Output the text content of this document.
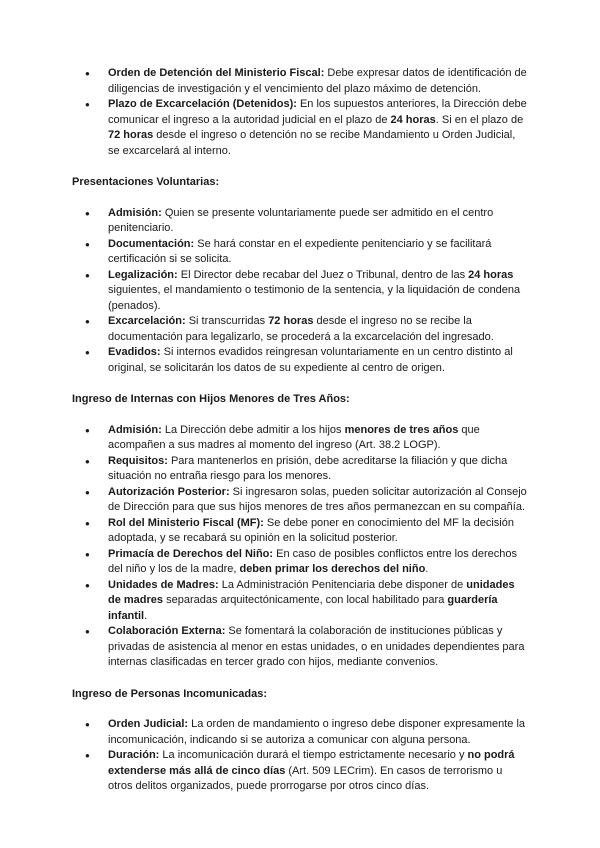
● Orden de Detención del Ministerio Fiscal: Debe expresar datos de identificación de diligencias de investigación y el vencimiento del plazo máximo de detención.
● Plazo de Excarcelación (Detenidos): En los supuestos anteriores, la Dirección debe comunicar el ingreso a la autoridad judicial en el plazo de 24 horas. Si en el plazo de 72 horas desde el ingreso o detención no se recibe Mandamiento u Orden Judicial, se excarcelará al interno.

Presentaciones Voluntarias:

● Admisión: Quien se presente voluntariamente puede ser admitido en el centro penitenciario.
● Documentación: Se hará constar en el expediente penitenciario y se facilitará certificación si se solicita.
● Legalización: El Director debe recabar del Juez o Tribunal, dentro de las 24 horas siguientes, el mandamiento o testimonio de la sentencia, y la liquidación de condena (penados).
● Excarcelación: Si transcurridas 72 horas desde el ingreso no se recibe la documentación para legalizarlo, se procederá a la excarcelación del ingresado.
● Evadidos: Si internos evadidos reingresan voluntariamente en un centro distinto al original, se solicitarán los datos de su expediente al centro de origen.

Ingreso de Internas con Hijos Menores de Tres Años:

● Admisión: La Dirección debe admitir a los hijos menores de tres años que acompañen a sus madres al momento del ingreso (Art. 38.2 LOGP).
● Requisitos: Para mantenerlos en prisión, debe acreditarse la filiación y que dicha situación no entraña riesgo para los menores.
● Autorización Posterior: Si ingresaron solas, pueden solicitar autorización al Consejo de Dirección para que sus hijos menores de tres años permanezcan en su compañía.
● Rol del Ministerio Fiscal (MF): Se debe poner en conocimiento del MF la decisión adoptada, y se recabará su opinión en la solicitud posterior.
● Primacía de Derechos del Niño: En caso de posibles conflictos entre los derechos del niño y los de la madre, deben primar los derechos del niño.
● Unidades de Madres: La Administración Penitenciaria debe disponer de unidades de madres separadas arquitectónicamente, con local habilitado para guardería infantil.
● Colaboración Externa: Se fomentará la colaboración de instituciones públicas y privadas de asistencia al menor en estas unidades, o en unidades dependientes para internas clasificadas en tercer grado con hijos, mediante convenios.

Ingreso de Personas Incomunicadas:

● Orden Judicial: La orden de mandamiento o ingreso debe disponer expresamente la incomunicación, indicando si se autoriza a comunicar con alguna persona.
● Duración: La incomunicación durará el tiempo estrictamente necesario y no podrá extenderse más allá de cinco días (Art. 509 LECrim). En casos de terrorismo u otros delitos organizados, puede prorrogarse por otros cinco días.
